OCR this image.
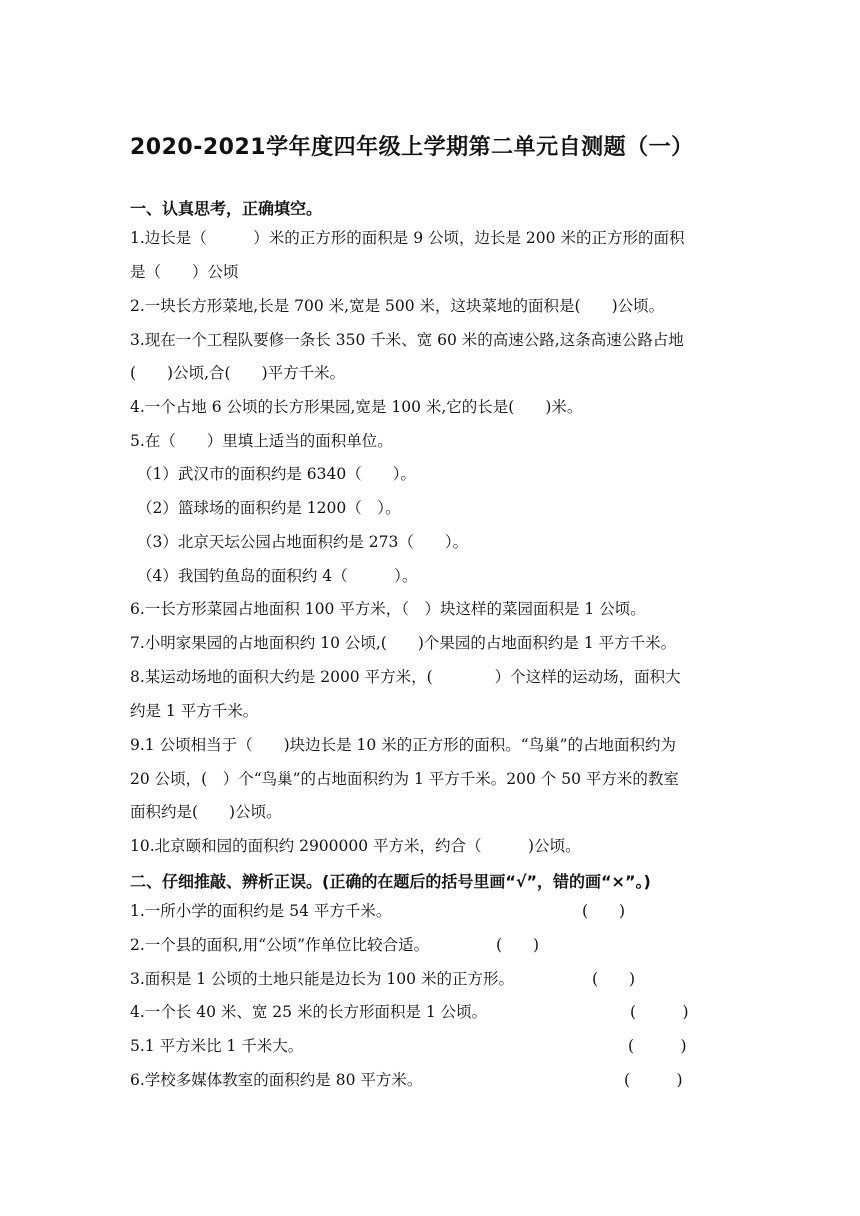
2020-2021学年度四年级上学期第二单元自测题（一）
一、认真思考，正确填空。
1.边长是（　　　）米的正方形的面积是 9 公顷，边长是 200 米的正方形的面积
是（　　）公顷
2.一块长方形菜地,长是 700 米,宽是 500 米，这块菜地的面积是(　　)公顷。
3.现在一个工程队要修一条长 350 千米、宽 60 米的高速公路,这条高速公路占地
(　　)公顷,合(　　)平方千米。
4.一个占地 6 公顷的长方形果园,宽是 100 米,它的长是(　　)米。
5.在（　　）里填上适当的面积单位。
（1）武汉市的面积约是 6340（　　）。
（2）篮球场的面积约是 1200（　）。
（3）北京天坛公园占地面积约是 273（　　）。
（4）我国钓鱼岛的面积约 4（　　　）。
6.一长方形菜园占地面积 100 平方米，（　）块这样的菜园面积是 1 公顷。
7.小明家果园的占地面积约 10 公顷,(　　)个果园的占地面积约是 1 平方千米。
8.某运动场地的面积大约是 2000 平方米，(　　　　）个这样的运动场，面积大
约是 1 平方千米。
9.1 公顷相当于（　　)块边长是 10 米的正方形的面积。“鸟巢”的占地面积约为
20 公顷，(　）个“鸟巢”的占地面积约为 1 平方千米。200 个 50 平方米的教室
面积约是(　　)公顷。
10.北京颐和园的面积约 2900000 平方米，约合（　　　)公顷。
二、仔细推敲、辨析正误。(正确的在题后的括号里画“√”，错的画“×”。)
1.一所小学的面积约是 54 平方千米。	(　　)
2.一个县的面积,用“公顷”作单位比较合适。	(　　)
3.面积是 1 公顷的土地只能是边长为 100 米的正方形。	(　　)
4.一个长 40 米、宽 25 米的长方形面积是 1 公顷。	(　　　)
5.1 平方米比 1 千米大。	(　　　)
6.学校多媒体教室的面积约是 80 平方米。	(　　　)
